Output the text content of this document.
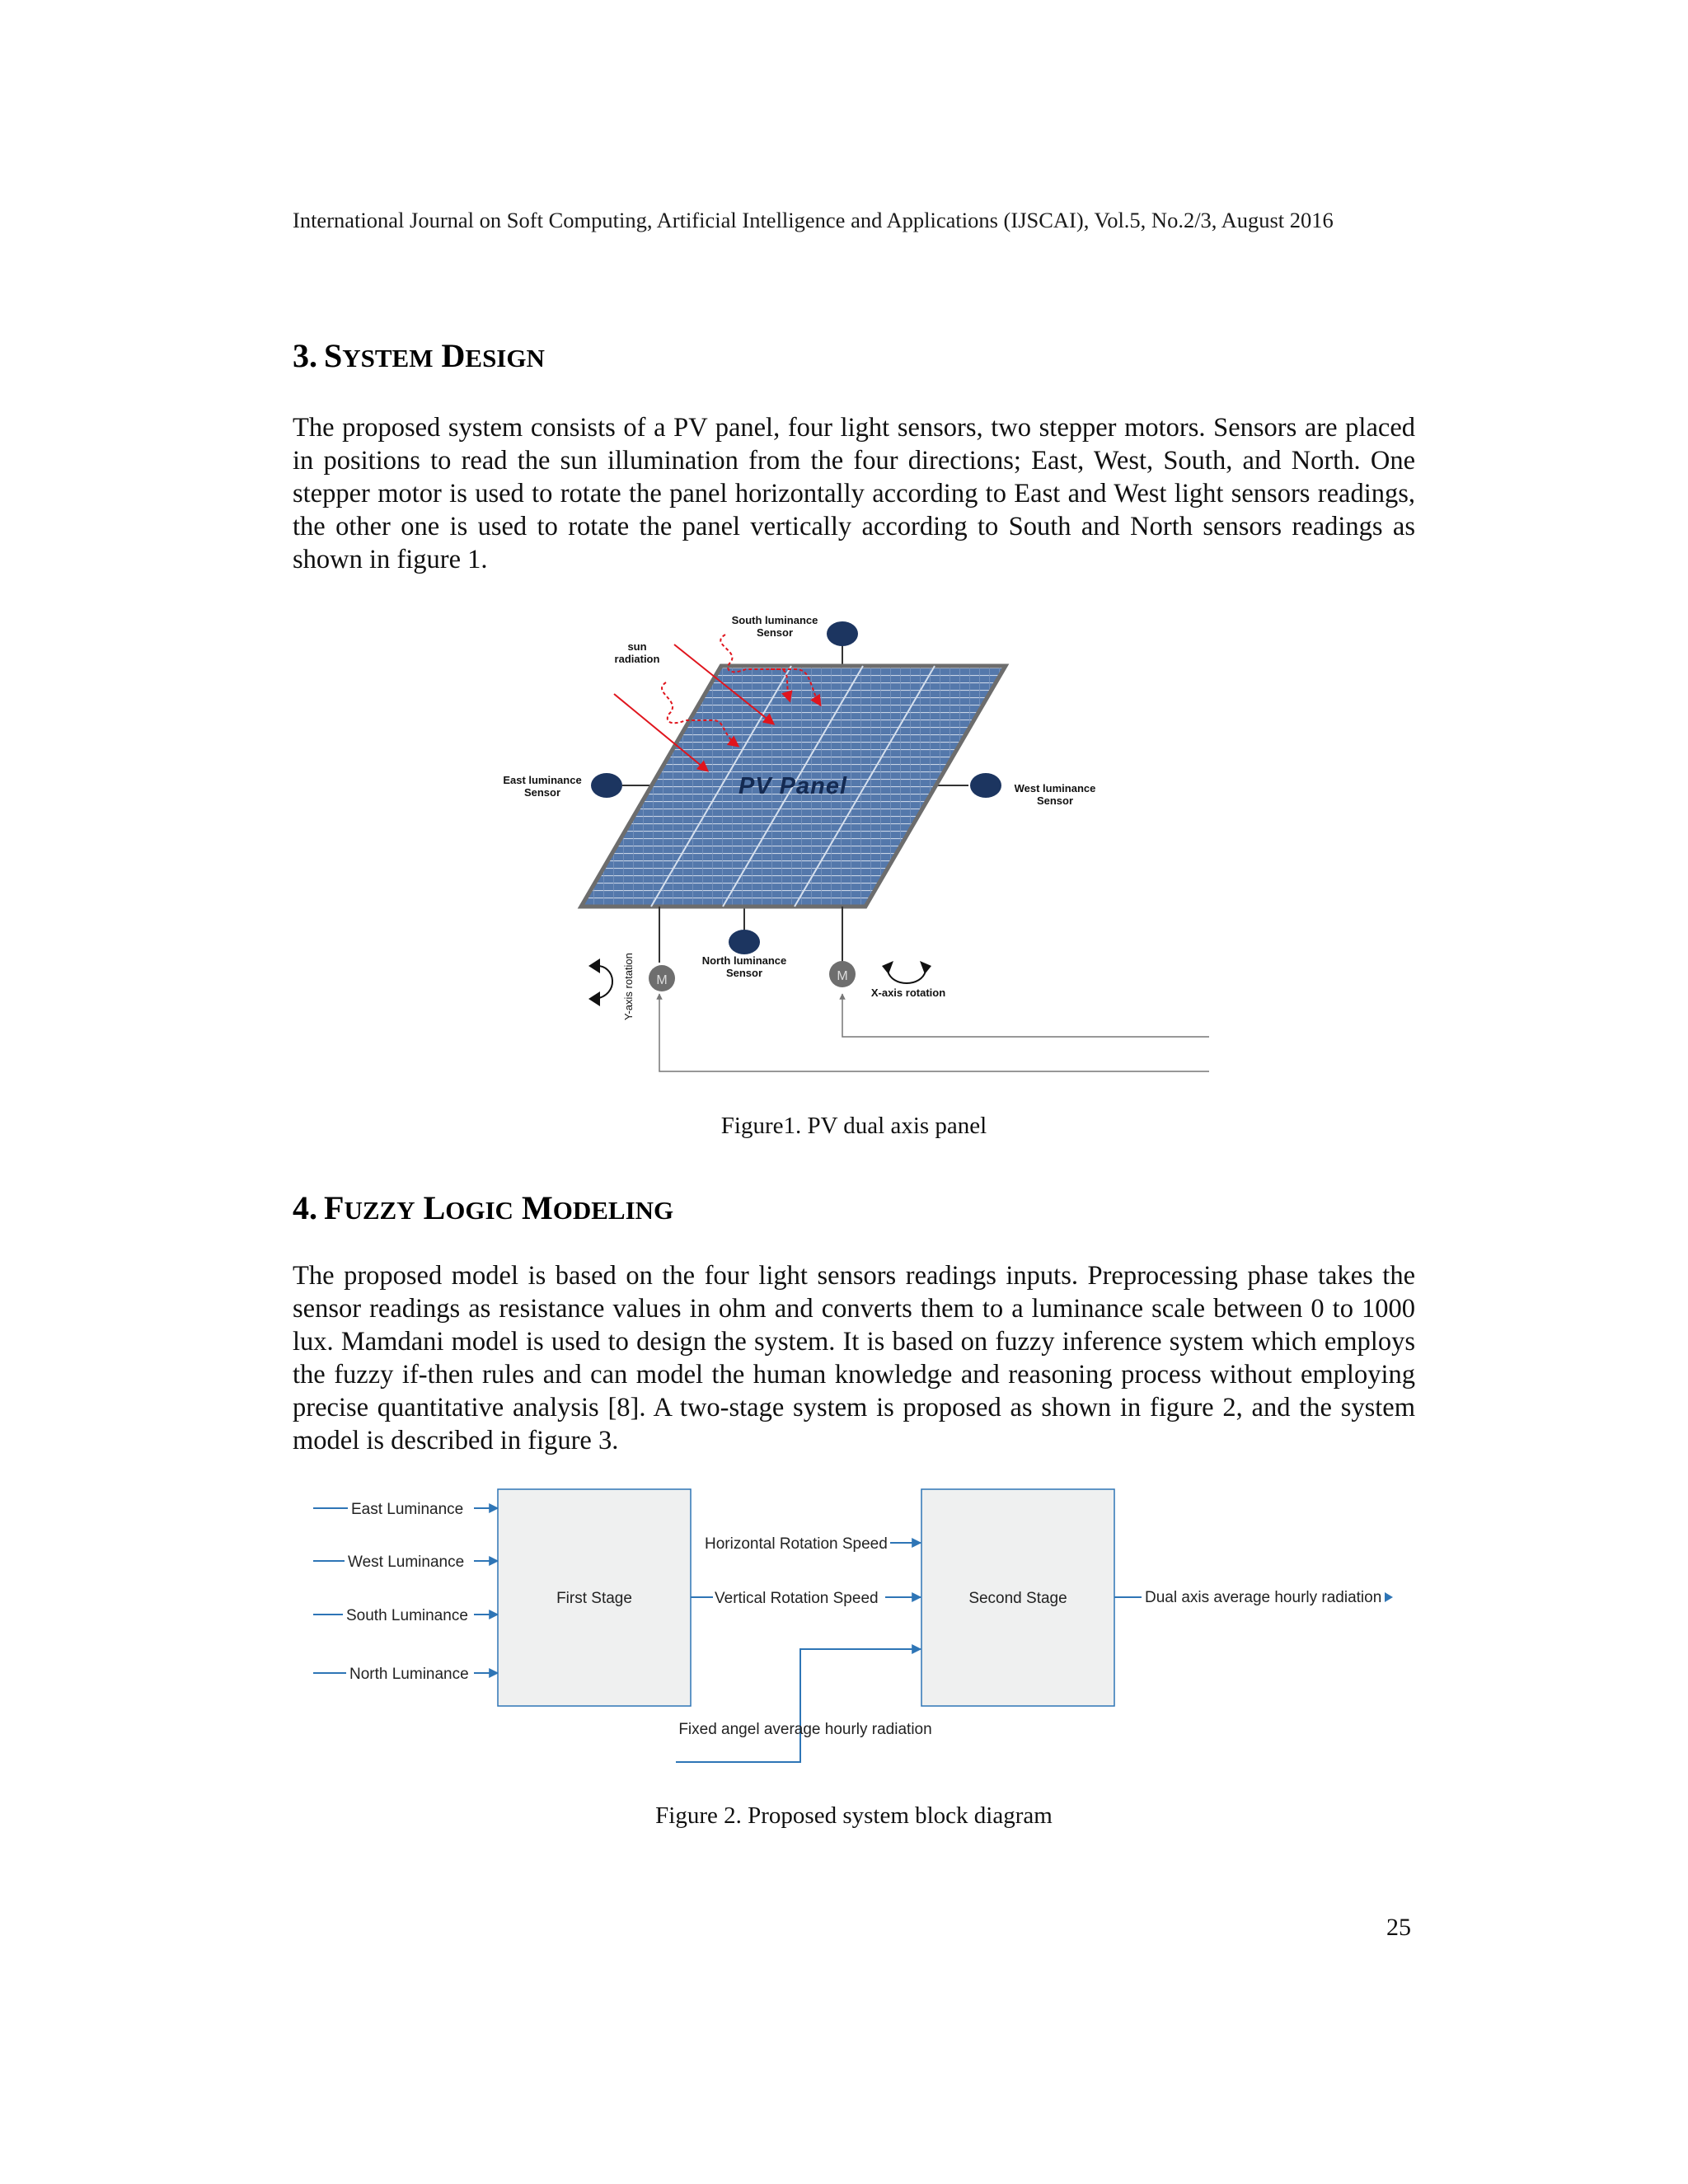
International Journal on Soft Computing, Artificial Intelligence and Applications (IJSCAI), Vol.5, No.2/3, August 2016
3. SYSTEM DESIGN
The proposed system consists of a PV panel, four light sensors, two stepper motors. Sensors are placed in positions to read the sun illumination from the four directions; East, West, South, and North. One stepper motor is used to rotate the panel horizontally according to East and West light sensors readings, the other one is used to rotate the panel vertically according to South and North sensors readings as shown in figure 1.
PV Panel
South luminance
Sensor
sun
radiation
East luminance
Sensor	West luminance
Sensor
North luminance
Sensor
M	M
Y-axis rotation	X-axis rotation
Figure1. PV dual axis panel
4. FUZZY LOGIC MODELING
The proposed model is based on the four light sensors readings inputs. Preprocessing phase takes the sensor readings as resistance values in ohm and converts them to a luminance scale between 0 to 1000 lux. Mamdani model is used to design the system. It is based on fuzzy inference system which employs the fuzzy if-then rules and can model the human knowledge and reasoning process without employing precise quantitative analysis [8]. A two-stage system is proposed as shown in figure 2, and the system model is described in figure 3.
East Luminance
West Luminance
South Luminance
North Luminance
First Stage	Second Stage
Horizontal Rotation Speed
Vertical Rotation Speed
Fixed angel average hourly radiation
Dual axis average hourly radiation
Figure 2. Proposed system block diagram
25
